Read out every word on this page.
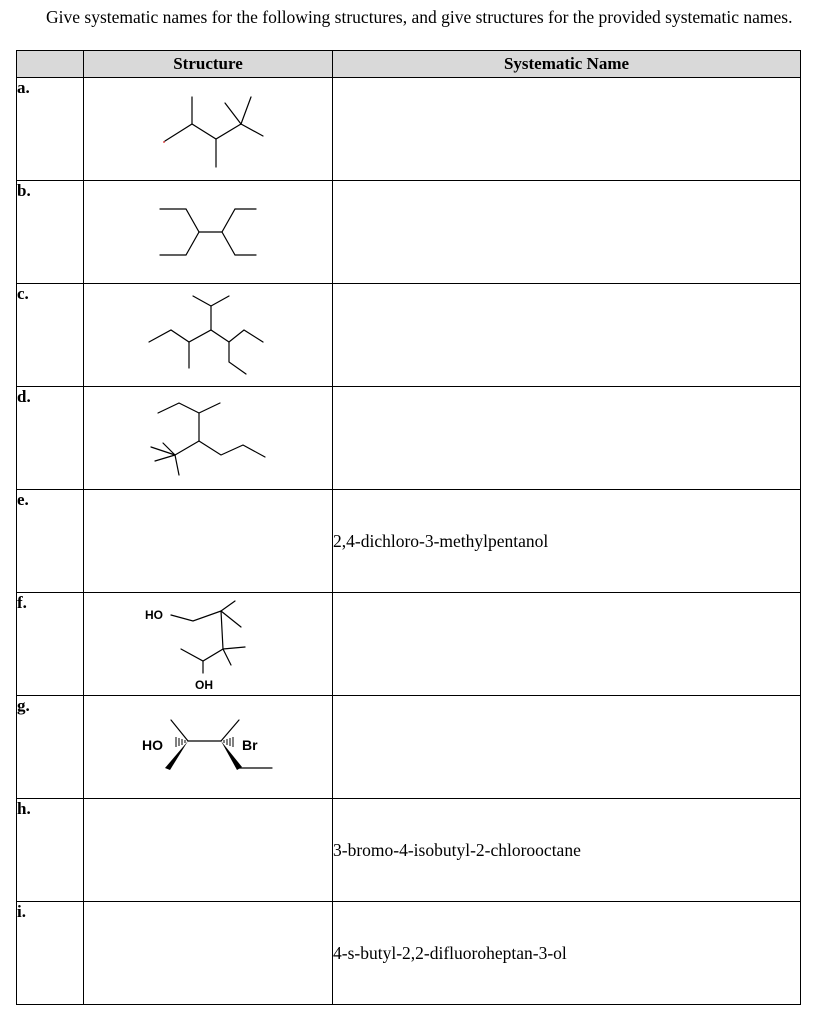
Give systematic names for the following structures, and give structures for the provided systematic names.
	Structure	Systematic Name
a.	

b.	

c.	

d.	

e.		2,4-dichloro-3-methylpentanol
f.	HO
OH	

g.	HO Br	

h.		3-bromo-4-isobutyl-2-chlorooctane
i.		4-s-butyl-2,2-difluoroheptan-3-ol
